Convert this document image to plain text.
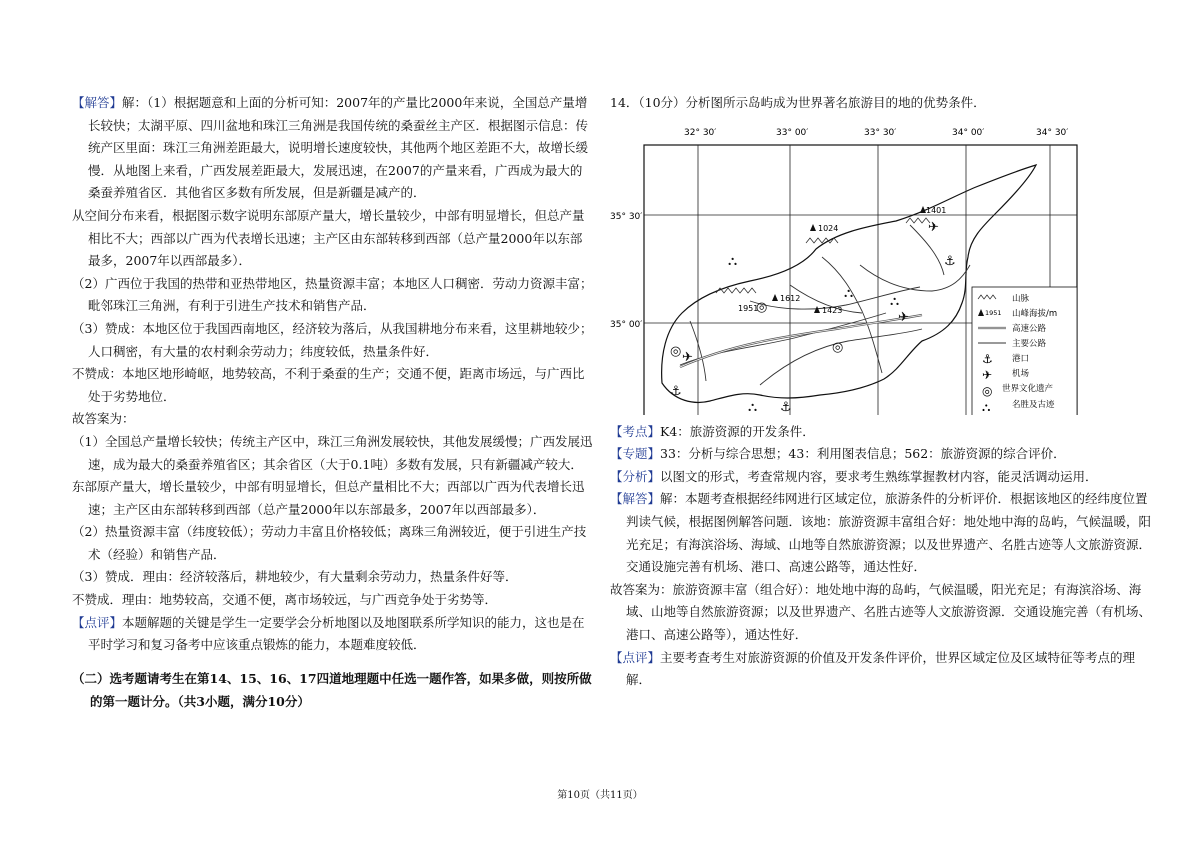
【解答】解：（1）根据题意和上面的分析可知：2007年的产量比2000年来说，全国总产量增长较快；太湖平原、四川盆地和珠江三角洲是我国传统的桑蚕丝主产区．根据图示信息：传统产区里面：珠江三角洲差距最大，说明增长速度较快，其他两个地区差距不大，故增长缓慢．从地图上来看，广西发展差距最大，发展迅速，在2007的产量来看，广西成为最大的桑蚕养殖省区．其他省区多数有所发展，但是新疆是减产的．

从空间分布来看，根据图示数字说明东部原产量大，增长量较少，中部有明显增长，但总产量相比不大；西部以广西为代表增长迅速；主产区由东部转移到西部（总产量2000年以东部最多，2007年以西部最多）．

（2）广西位于我国的热带和亚热带地区，热量资源丰富；本地区人口稠密．劳动力资源丰富；毗邻珠江三角洲，有利于引进生产技术和销售产品．

（3）赞成：本地区位于我国西南地区，经济较为落后，从我国耕地分布来看，这里耕地较少；人口稠密，有大量的农村剩余劳动力；纬度较低，热量条件好．

不赞成：本地区地形崎岖，地势较高，不利于桑蚕的生产；交通不便，距离市场远，与广西比处于劣势地位．

故答案为：

（1）全国总产量增长较快；传统主产区中，珠江三角洲发展较快，其他发展缓慢；广西发展迅速，成为最大的桑蚕养殖省区；其余省区（大于0.1吨）多数有发展，只有新疆减产较大．

东部原产量大，增长量较少，中部有明显增长，但总产量相比不大；西部以广西为代表增长迅速；主产区由东部转移到西部（总产量2000年以东部最多，2007年以西部最多）．

（2）热量资源丰富（纬度较低）；劳动力丰富且价格较低；离珠三角洲较近，便于引进生产技术（经验）和销售产品．

（3）赞成．理由：经济较落后，耕地较少，有大量剩余劳动力，热量条件好等．

不赞成．理由：地势较高，交通不便，离市场较远，与广西竞争处于劣势等．

【点评】本题解题的关键是学生一定要学会分析地图以及地图联系所学知识的能力，这也是在平时学习和复习备考中应该重点锻炼的能力，本题难度较低．

（二）选考题请考生在第14、15、16、17四道地理题中任选一题作答，如果多做，则按所做的第一题计分。（共3小题，满分10分）

14．（10分）分析图所示岛屿成为世界著名旅游目的地的优势条件．

32° 30′	33° 00′	33° 30′	34° 00′	34° 30′
35° 30′
35° 00′
1024
1401
1612
1951	1423
⚓
⚓
⚓
✈
✈
✈
◎
◎
◎
⛬
⛬
⛬
⛬	山脉
1951 山峰海拔/m
高速公路
主要公路
⚓ 港口
✈ 机场
◎ 世界文化遗产
⛬	名胜及古迹

【考点】K4：旅游资源的开发条件．

【专题】33：分析与综合思想；43：利用图表信息；562：旅游资源的综合评价．

【分析】以图文的形式，考查常规内容，要求考生熟练掌握教材内容，能灵活调动运用．

【解答】解：本题考查根据经纬网进行区域定位，旅游条件的分析评价．根据该地区的经纬度位置判读气候，根据图例解答问题．该地：旅游资源丰富组合好：地处地中海的岛屿，气候温暖，阳光充足；有海滨浴场、海域、山地等自然旅游资源；以及世界遗产、名胜古迹等人文旅游资源．　交通设施完善有机场、港口、高速公路等，通达性好．

故答案为：旅游资源丰富（组合好）：地处地中海的岛屿，气候温暖，阳光充足；有海滨浴场、海域、山地等自然旅游资源；以及世界遗产、名胜古迹等人文旅游资源．交通设施完善（有机场、港口、高速公路等），通达性好．

【点评】主要考查考生对旅游资源的价值及开发条件评价，世界区域定位及区域特征等考点的理解．

第10页（共11页）
